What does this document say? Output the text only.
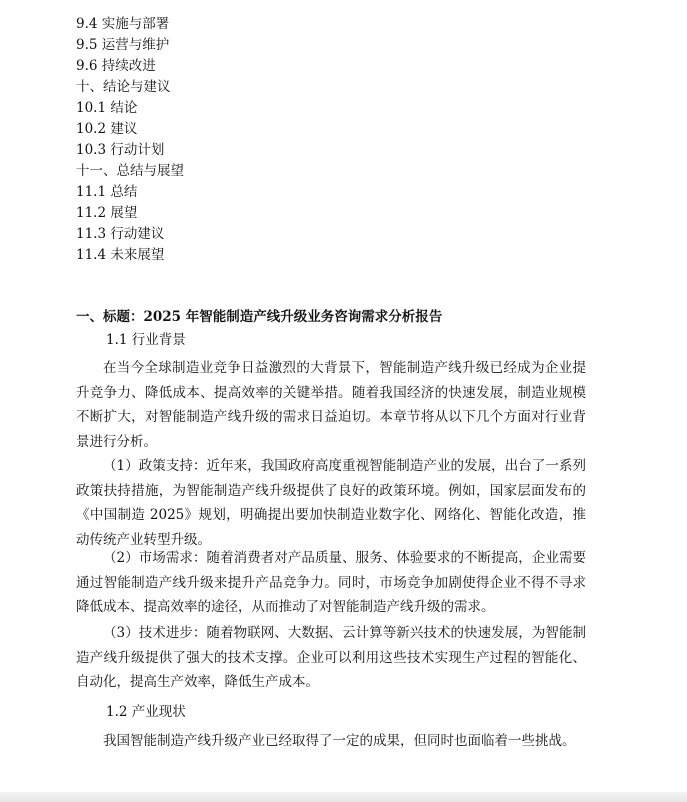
9.4 实施与部署
9.5 运营与维护
9.6 持续改进
十、结论与建议
10.1 结论
10.2 建议
10.3 行动计划
十一、总结与展望
11.1 总结
11.2 展望
11.3 行动建议
11.4 未来展望
一、标题：2025 年智能制造产线升级业务咨询需求分析报告
1.1 行业背景
在当今全球制造业竞争日益激烈的大背景下，智能制造产线升级已经成为企业提升竞争力、降低成本、提高效率的关键举措。随着我国经济的快速发展，制造业规模不断扩大，对智能制造产线升级的需求日益迫切。本章节将从以下几个方面对行业背景进行分析。
（1）政策支持：近年来，我国政府高度重视智能制造产业的发展，出台了一系列政策扶持措施，为智能制造产线升级提供了良好的政策环境。例如，国家层面发布的《中国制造 2025》规划，明确提出要加快制造业数字化、网络化、智能化改造，推动传统产业转型升级。
（2）市场需求：随着消费者对产品质量、服务、体验要求的不断提高，企业需要通过智能制造产线升级来提升产品竞争力。同时，市场竞争加剧使得企业不得不寻求降低成本、提高效率的途径，从而推动了对智能制造产线升级的需求。
（3）技术进步：随着物联网、大数据、云计算等新兴技术的快速发展，为智能制造产线升级提供了强大的技术支撑。企业可以利用这些技术实现生产过程的智能化、自动化，提高生产效率，降低生产成本。
1.2 产业现状
我国智能制造产线升级产业已经取得了一定的成果，但同时也面临着一些挑战。
